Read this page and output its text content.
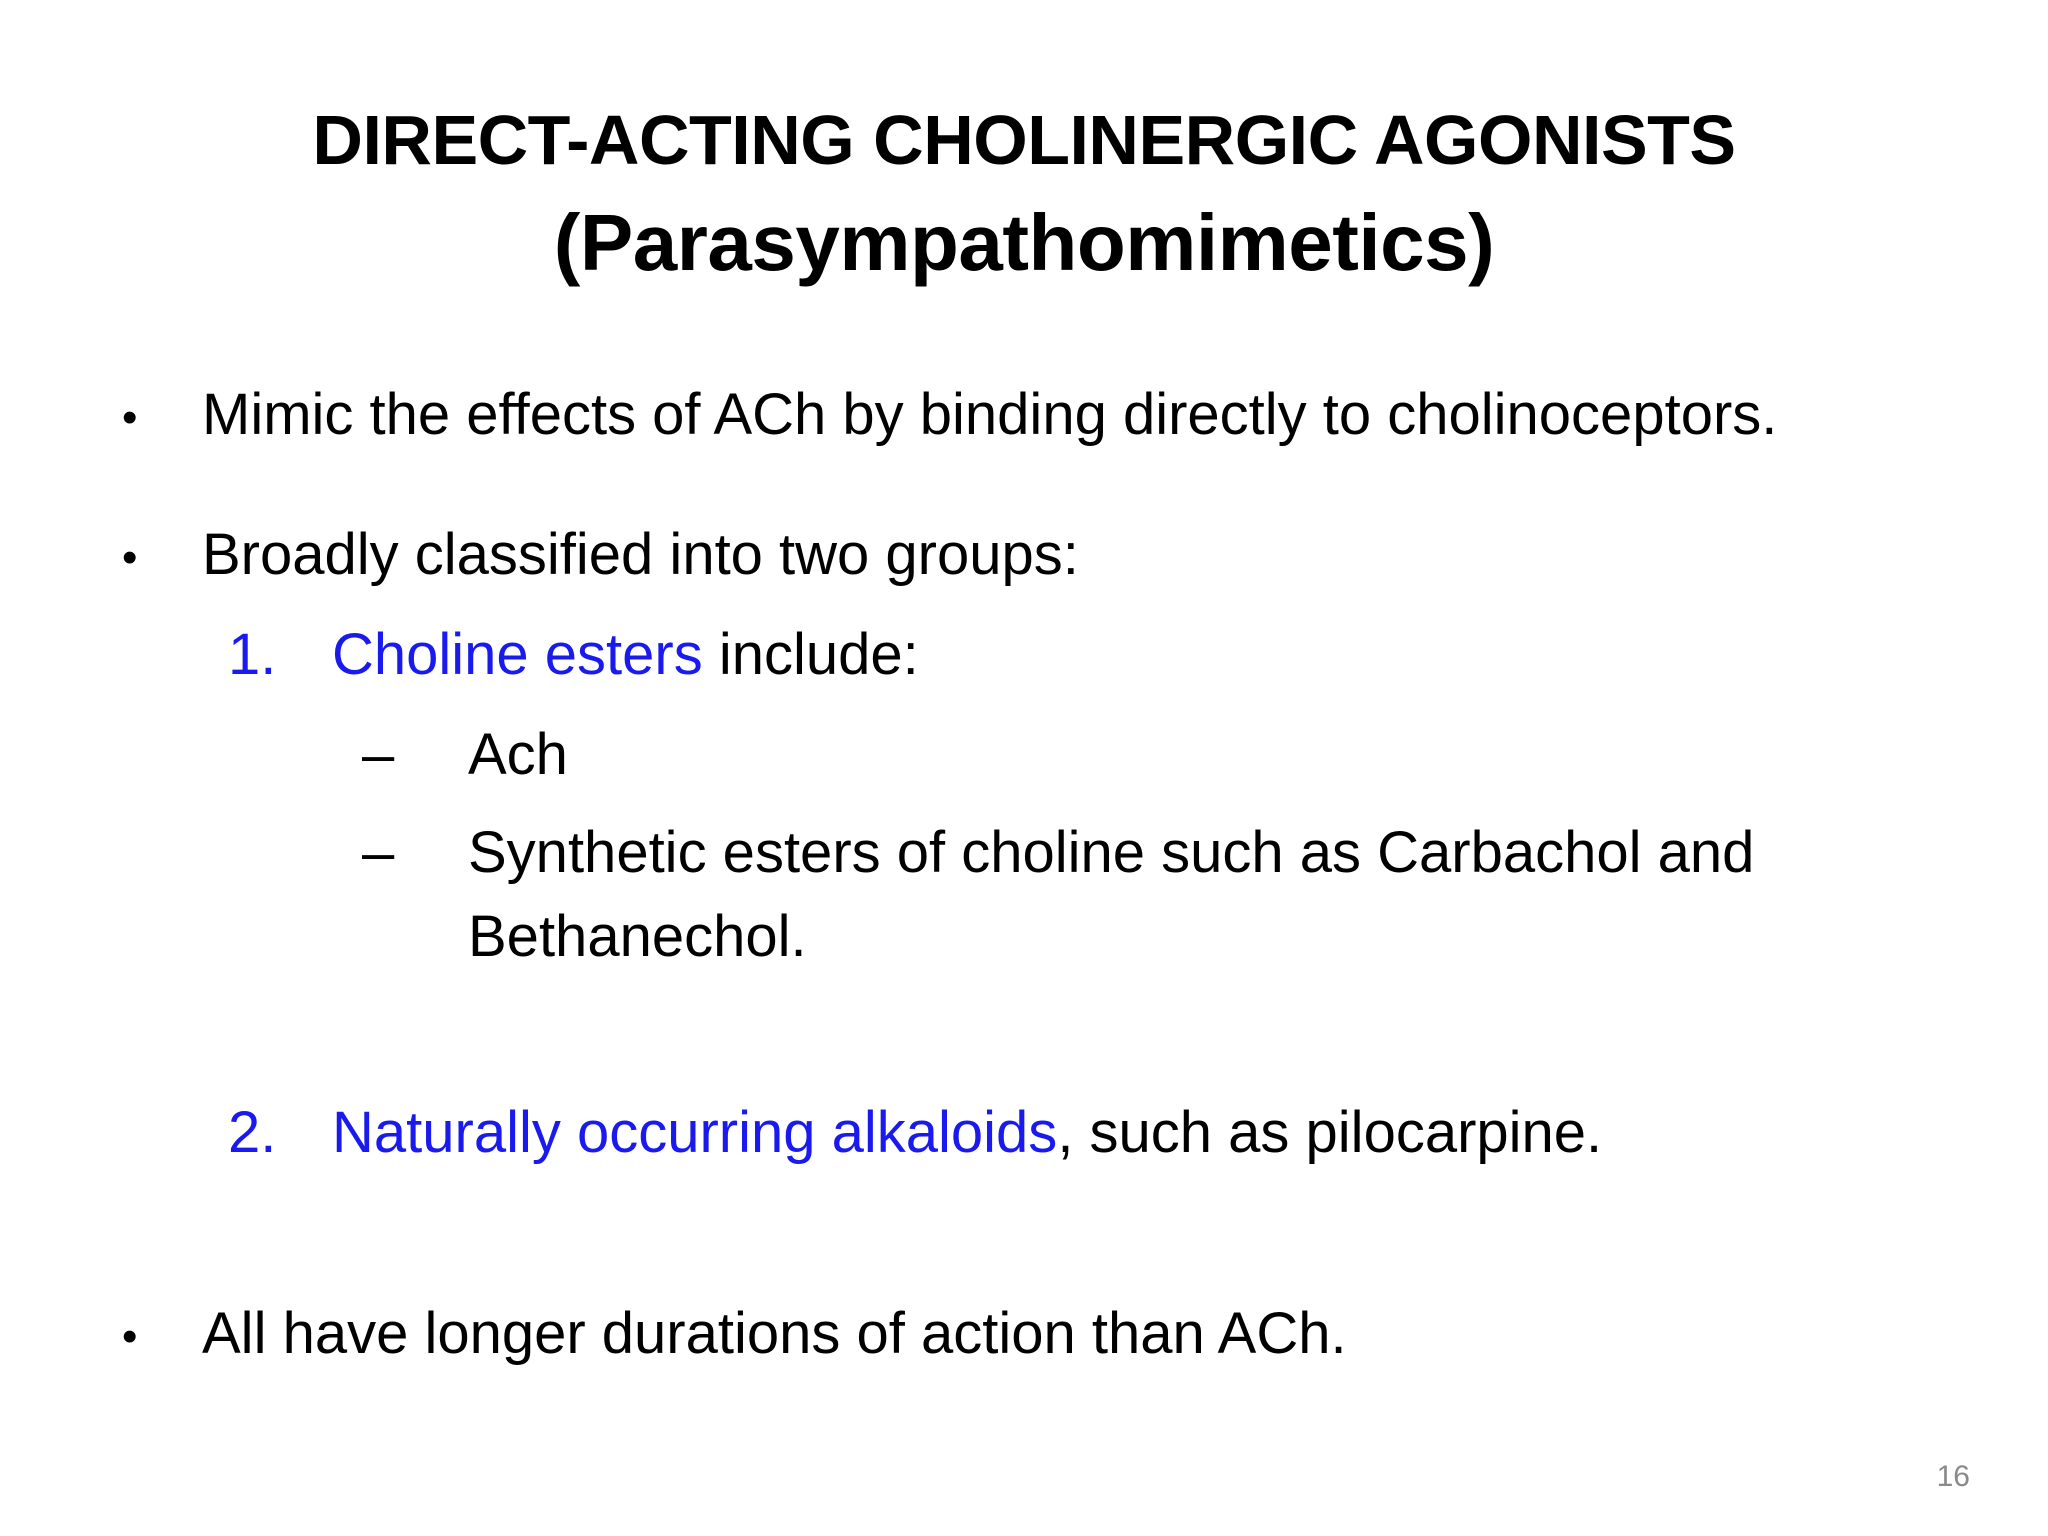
DIRECT-ACTING CHOLINERGIC AGONISTS
(Parasympathomimetics)
• Mimic the effects of ACh by binding directly to cholinoceptors.
• Broadly classified into two groups:
1. Choline esters include:
– Ach
– Synthetic esters of choline such as Carbachol and
Bethanechol.
2. Naturally occurring alkaloids, such as pilocarpine.
• All have longer durations of action than ACh.
16
